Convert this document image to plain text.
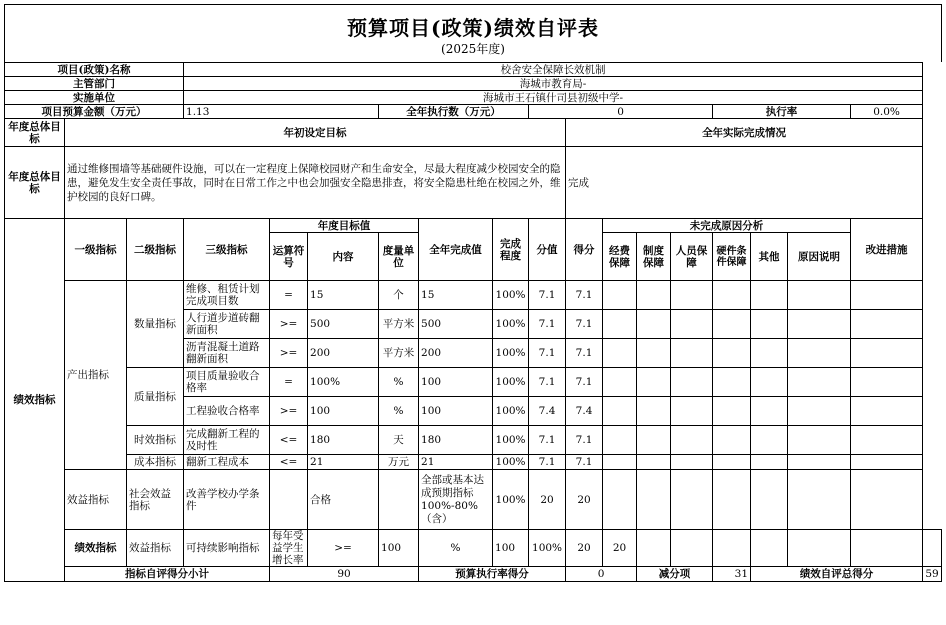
预算项目(政策)绩效自评表
(2025年度)
项目(政策)名称			校舍安全保障长效机制															
主管部门			海城市教育局-															
实施单位			海城市王石镇什司县初级中学-															
项目预算金额（万元）			1.13			全年执行数（万元）			0					执行率			0.0%	
年度总体目标	年初设定目标									全年实际完成情况								
年度总体目标	通过维修围墙等基础硬件设施，可以在一定程度上保障校园财产和生命安全，尽最大程度减少校园安全的隐患，避免发生安全责任事故，同时在日常工作之中也会加强安全隐患排查，将安全隐患杜绝在校园之外，维护校园的良好口碑。									完成								
绩效指标	一级指标	二级指标	三级指标	年度目标值			全年完成值	完成程度	分值	得分	未完成原因分析						改进措施	
				运算符号	内容	度量单位					经费保障	制度保障	人员保障	硬件条件保障	其他	原因说明		
	产出指标	数量指标	维修、租赁计划完成项目数	=	15	个	15	100%	7.1	7.1								
			人行道步道砖翻新面积	>=	500	平方米	500	100%	7.1	7.1								
			沥青混凝土道路翻新面积	>=	200	平方米	200	100%	7.1	7.1								
		质量指标	项目质量验收合格率	=	100%	%	100	100%	7.1	7.1								
			工程验收合格率	>=	100	%	100	100%	7.4	7.4								
		时效指标	完成翻新工程的及时性	<=	180	天	180	100%	7.1	7.1								
		成本指标	翻新工程成本	<=	21	万元	21	100%	7.1	7.1								
	效益指标	社会效益指标	改善学校办学条件		合格		全部或基本达成预期指标100%-80%（含）	100%	20	20								
	绩效指标	效益指标	可持续影响指标	每年受益学生增长率	>=	100	%	100	100%	20	20							
	指标自评得分小计			90			预算执行率得分			0		减分项		31	绩效自评总得分			59
